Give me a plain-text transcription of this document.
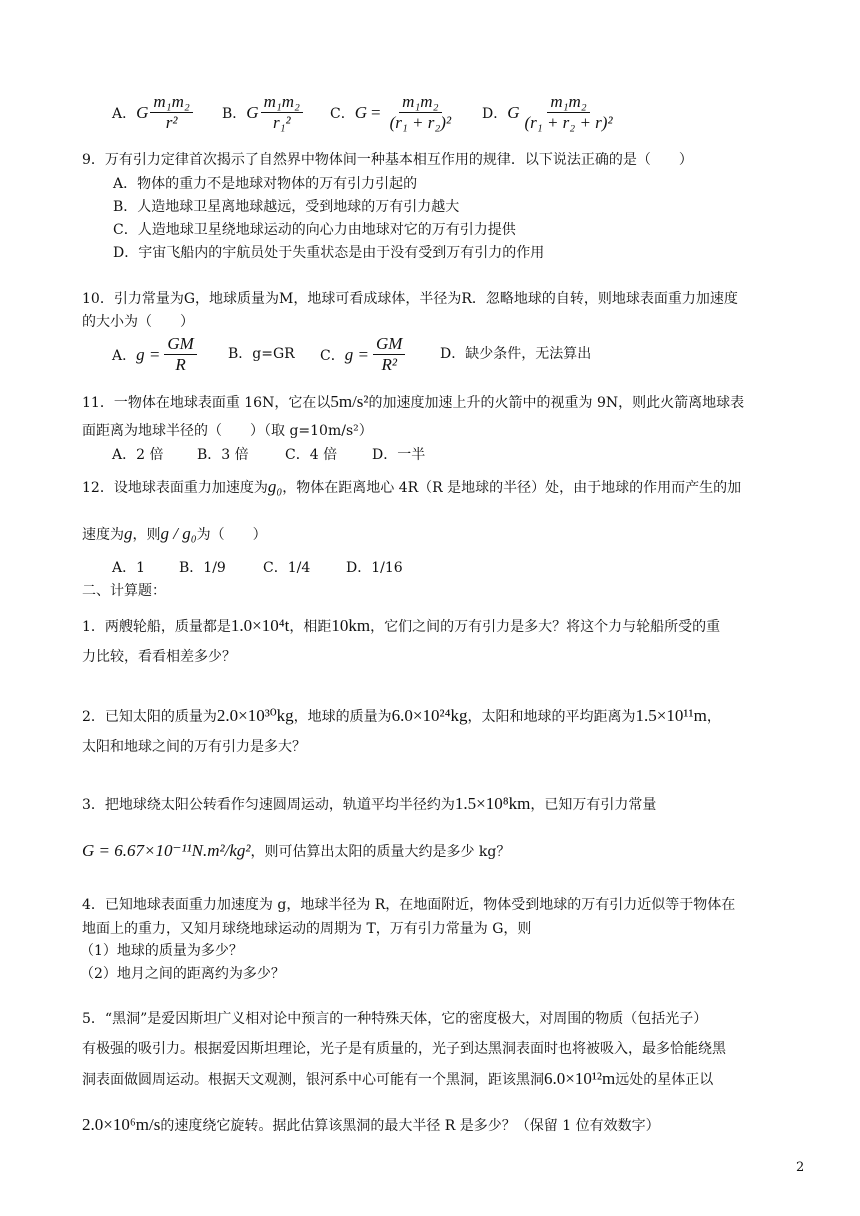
A． G $\frac{\text{m₁m₂}}{\text{r²}}$ B． G $\frac{\text{m₁m₂}}{\text{r₁²}}$ C． $G = \frac{\text{m₁m₂}}{\text{(r₁ + r₂)²}}$ D． G $\frac{\text{m₁m₂}}{\text{(r₁ + r₂ + r)²}}$
9．万有引力定律首次揭示了自然界中物体间一种基本相互作用的规律．以下说法正确的是（　　）
A．物体的重力不是地球对物体的万有引力引起的
B．人造地球卫星离地球越远，受到地球的万有引力越大
C．人造地球卫星绕地球运动的向心力由地球对它的万有引力提供
D．宇宙飞船内的宇航员处于失重状态是由于没有受到万有引力的作用
10．引力常量为G，地球质量为M，地球可看成球体，半径为R．忽略地球的自转，则地球表面重力加速度
的大小为（　　）
A． $g = \frac{GM}{R}$ B．g=GR C． $g = \frac{GM}{\text{R²}}$ D．缺少条件，无法算出
11．一物体在地球表面重 16N，它在以5m/s²的加速度加速上升的火箭中的视重为 9N，则此火箭离地球表
面距离为地球半径的（　　）（取 g=10m/s²）
A．2 倍 B．3 倍	C．4 倍 D．一半
12．设地球表面重力加速度为g₀，物体在距离地心 4R（R 是地球的半径）处，由于地球的作用而产生的加
速度为g，则g / g₀为（　　）
A．1 B．1/9	C．1/4	D．1/16
二、计算题：
1．两艘轮船，质量都是1.0×10⁴t，相距10km，它们之间的万有引力是多大？将这个力与轮船所受的重
力比较，看看相差多少？
2．已知太阳的质量为2.0×10³⁰kg，地球的质量为6.0×10²⁴kg，太阳和地球的平均距离为1.5×10¹¹m，
太阳和地球之间的万有引力是多大？
3．把地球绕太阳公转看作匀速圆周运动，轨道平均半径约为1.5×10⁸km，已知万有引力常量
G = 6.67×10⁻¹¹N.m²/kg²，则可估算出太阳的质量大约是多少 kg？
4．已知地球表面重力加速度为 g，地球半径为 R，在地面附近，物体受到地球的万有引力近似等于物体在
地面上的重力，又知月球绕地球运动的周期为 T，万有引力常量为 G，则
（1）地球的质量为多少？
（2）地月之间的距离约为多少？
5．“黑洞”是爱因斯坦广义相对论中预言的一种特殊天体，它的密度极大，对周围的物质（包括光子）
有极强的吸引力。根据爱因斯坦理论，光子是有质量的，光子到达黑洞表面时也将被吸入，最多恰能绕黑
洞表面做圆周运动。根据天文观测，银河系中心可能有一个黑洞，距该黑洞6.0×10¹²m远处的星体正以
2.0×10⁶m/s的速度绕它旋转。据此估算该黑洞的最大半径 R 是多少？（保留 1 位有效数字）
2
